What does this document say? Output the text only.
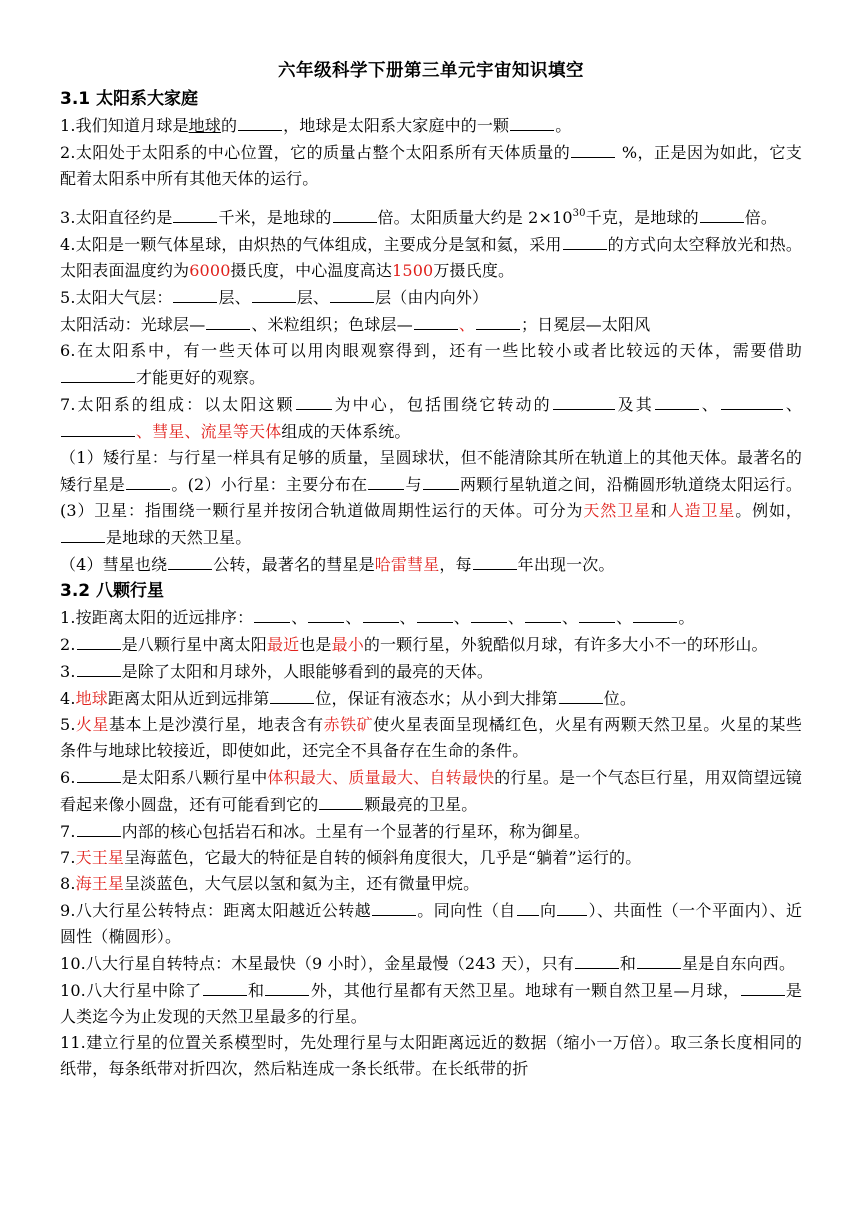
六年级科学下册第三单元宇宙知识填空
3.1 太阳系大家庭
1.我们知道月球是地球的	，地球是太阳系大家庭中的一颗	。
2.太阳处于太阳系的中心位置，它的质量占整个太阳系所有天体质量的	%，正是因为如此，它支配着太阳系中所有其他天体的运行。
3.太阳直径约是	千米，是地球的	倍。太阳质量大约是 $2\times 10^{30}$千克，是地球的	倍。
4.太阳是一颗气体星球，由炽热的气体组成，主要成分是氢和氦，采用	的方式向太空释放光和热。太阳表面温度约为6000摄氏度，中心温度高达1500万摄氏度。
5.太阳大气层：	层、	层、	层（由内向外）
太阳活动：光球层—	、米粒组织；色球层—	、	；日冕层—太阳风
6.在太阳系中，有一些天体可以用肉眼观察得到，还有一些比较小或者比较远的天体，需要借助才能更好的观察。
7.太阳系的组成：以太阳这颗 为中心，包括围绕它转动的	及其	、	、、彗星、流星等天体组成的天体系统。
（1）矮行星：与行星一样具有足够的质量，呈圆球状，但不能清除其所在轨道上的其他天体。最著名的矮行星是	。(2）小行星：主要分布在 与 两颗行星轨道之间，沿椭圆形轨道绕太阳运行。(3）卫星：指围绕一颗行星并按闭合轨道做周期性运行的天体。可分为天然卫星和人造卫星。例如，是地球的天然卫星。
（4）彗星也绕	公转，最著名的彗星是哈雷彗星，每	年出现一次。
3.2 八颗行星
1.按距离太阳的近远排序： 、 、 、 、 、 、 、	。
2.	是八颗行星中离太阳最近也是最小的一颗行星，外貌酷似月球，有许多大小不一的环形山。
3.	是除了太阳和月球外，人眼能够看到的最亮的天体。
4.地球距离太阳从近到远排第	位，保证有液态水；从小到大排第	位。
5.火星基本上是沙漠行星，地表含有赤铁矿使火星表面呈现橘红色，火星有两颗天然卫星。火星的某些条件与地球比较接近，即使如此，还完全不具备存在生命的条件。
6.	是太阳系八颗行星中体积最大、质量最大、自转最快的行星。是一个气态巨行星，用双筒望远镜看起来像小圆盘，还有可能看到它的	颗最亮的卫星。
7.	内部的核心包括岩石和冰。土星有一个显著的行星环，称为御星。
7.天王星呈海蓝色，它最大的特征是自转的倾斜角度很大，几乎是“躺着”运行的。
8.海王星呈淡蓝色，大气层以氢和氦为主，还有微量甲烷。
9.八大行星公转特点：距离太阳越近公转越	。同向性（自 向 ）、共面性（一个平面内）、近圆性（椭圆形）。
10.八大行星自转特点：木星最快（9 小时），金星最慢（243 天），只有	和	星是自东向西。
10.八大行星中除了	和	外，其他行星都有天然卫星。地球有一颗自然卫星—月球，	是人类迄今为止发现的天然卫星最多的行星。
11.建立行星的位置关系模型时，先处理行星与太阳距离远近的数据（缩小一万倍）。取三条长度相同的纸带，每条纸带对折四次，然后粘连成一条长纸带。在长纸带的折
